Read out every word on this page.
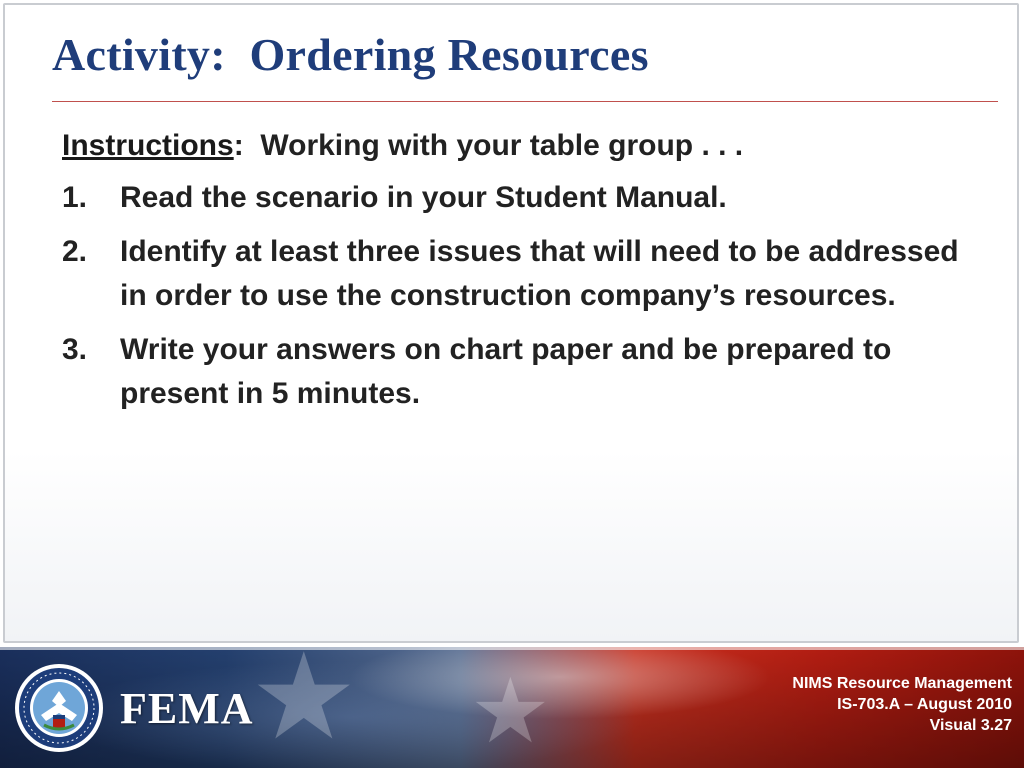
Activity:  Ordering Resources
Instructions:  Working with your table group . . .
1. Read the scenario in your Student Manual.
2. Identify at least three issues that will need to be addressed in order to use the construction company’s resources.
3. Write your answers on chart paper and be prepared to present in 5 minutes.
★ ★
FEMA
NIMS Resource Management
IS-703.A – August 2010
Visual 3.27
